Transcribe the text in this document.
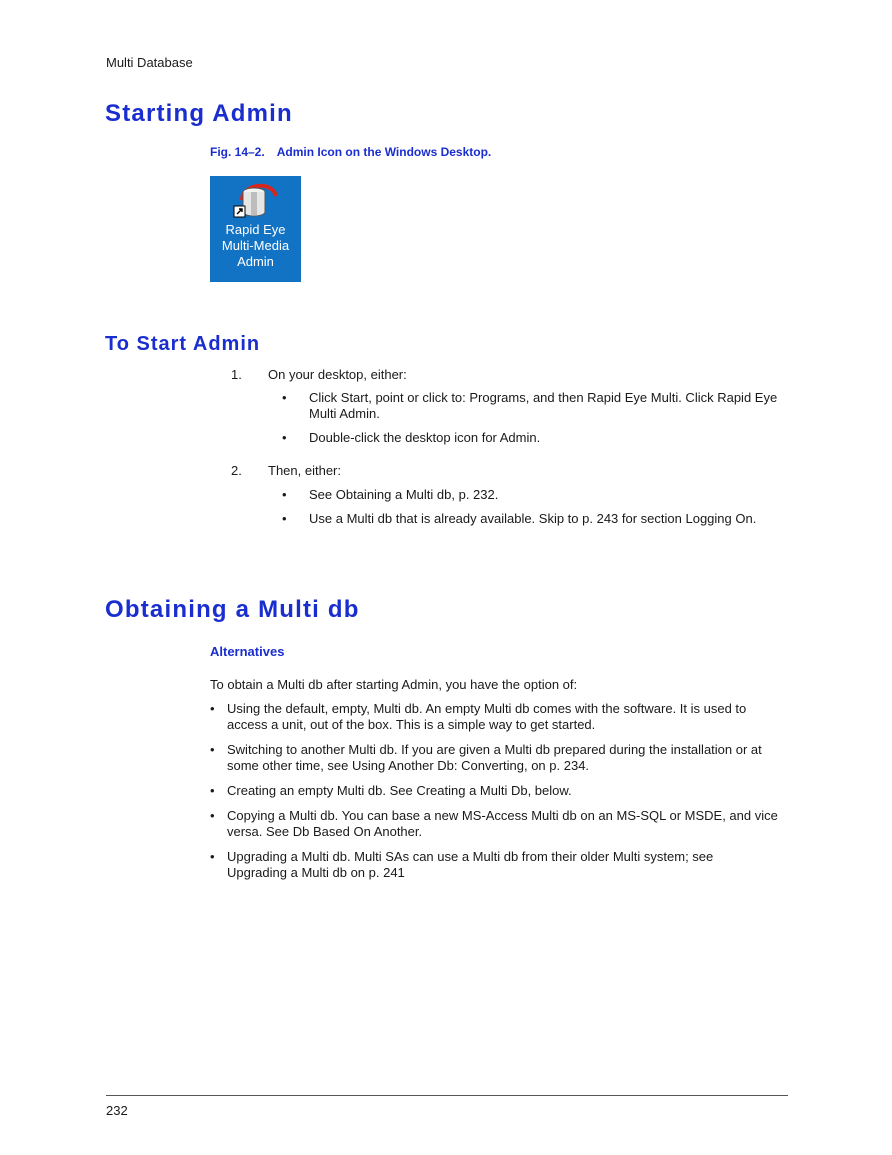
Multi Database
Starting Admin
Fig. 14–2. Admin Icon on the Windows Desktop.
Rapid Eye
Multi-Media
Admin
To Start Admin
1. On your desktop, either:
• Click Start, point or click to: Programs, and then Rapid Eye Multi. Click Rapid Eye
Multi Admin.
• Double-click the desktop icon for Admin.
2. Then, either:
• See Obtaining a Multi db, p. 232.
• Use a Multi db that is already available. Skip to p. 243 for section Logging On.
Obtaining a Multi db
Alternatives
To obtain a Multi db after starting Admin, you have the option of:
• Using the default, empty, Multi db. An empty Multi db comes with the software. It is used to
access a unit, out of the box. This is a simple way to get started.
• Switching to another Multi db. If you are given a Multi db prepared during the installation or at
some other time, see Using Another Db: Converting, on p. 234.
• Creating an empty Multi db. See Creating a Multi Db, below.
• Copying a Multi db. You can base a new MS-Access Multi db on an MS-SQL or MSDE, and vice
versa. See Db Based On Another.
• Upgrading a Multi db. Multi SAs can use a Multi db from their older Multi system; see
Upgrading a Multi db on p. 241
232
